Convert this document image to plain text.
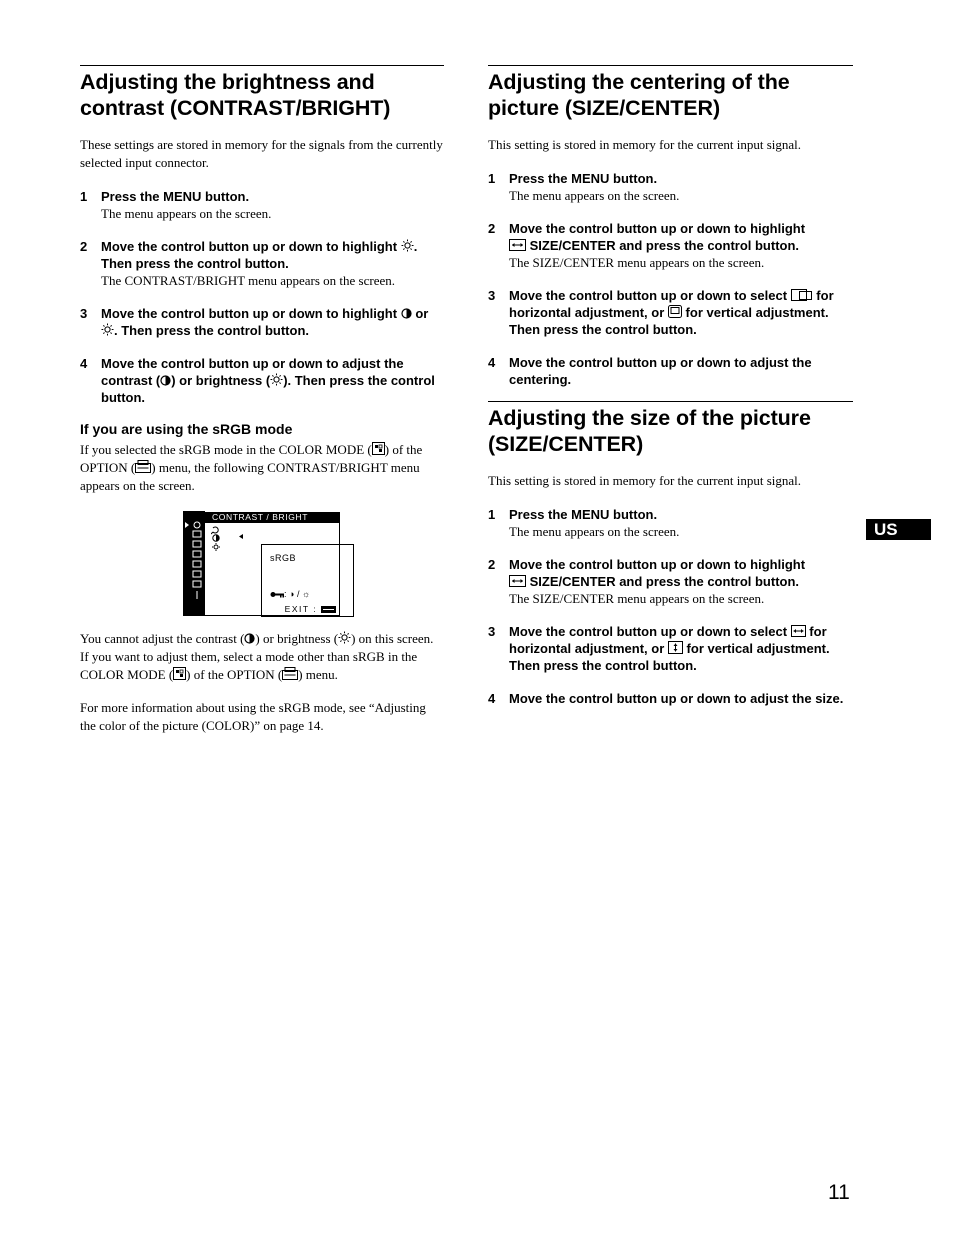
Adjusting the brightness and contrast (CONTRAST/BRIGHT)

These settings are stored in memory for the signals from the currently selected input connector.

1	Press the MENU button.
The menu appears on the screen.
2	Move the control button up or down to highlight . Then press the control button.
The CONTRAST/BRIGHT menu appears on the screen.
3	Move the control button up or down to highlight or
. Then press the control button.
4	Move the control button up or down to adjust the contrast ( ) or brightness ( ). Then press the control button.
If you are using the sRGB mode

If you selected the sRGB mode in the COLOR MODE ( ) of the OPTION ( ) menu, the following CONTRAST/BRIGHT menu appears on the screen.

You cannot adjust the contrast ( ) or brightness ( ) on this screen. If you want to adjust them, select a mode other than sRGB in the COLOR MODE ( ) of the OPTION ( ) menu.

For more information about using the sRGB mode, see “Adjusting the color of the picture (COLOR)” on page 14.

CONTRAST / BRIGHT
sRGB
: ◑ / ☼
EXIT :
Adjusting the centering of the picture (SIZE/CENTER)

This setting is stored in memory for the current input signal.

1	Press the MENU button.
The menu appears on the screen.
2	Move the control button up or down to highlight

SIZE/CENTER and press the control button.
The SIZE/CENTER menu appears on the screen.
3	Move the control button up or down to select for horizontal adjustment, or for vertical adjustment. Then press the control button.
4	Move the control button up or down to adjust the centering.
Adjusting the size of the picture (SIZE/CENTER)

This setting is stored in memory for the current input signal.

1	Press the MENU button.
The menu appears on the screen.
2	Move the control button up or down to highlight

SIZE/CENTER and press the control button.
The SIZE/CENTER menu appears on the screen.
3	Move the control button up or down to select for horizontal adjustment, or for vertical adjustment. Then press the control button.
4	Move the control button up or down to adjust the size.
US
11
